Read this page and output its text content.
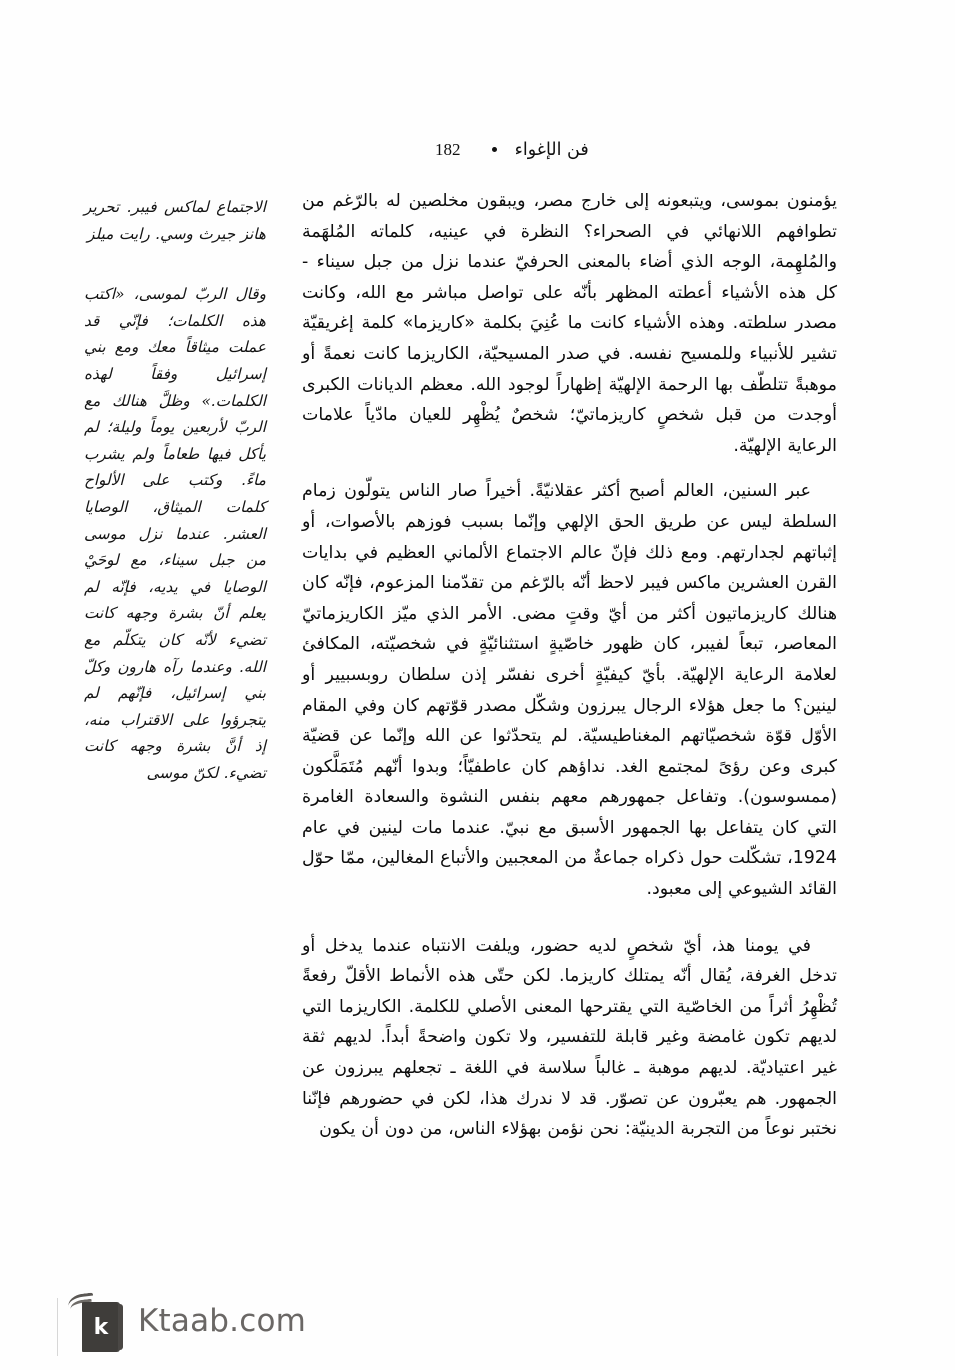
فن الإغواء  182

يؤمنون بموسى، ويتبعونه إلى خارج مصر، ويبقون مخلصين له بالرّغم من تطوافهم اللانهائي في الصحراء؟ النظرة في عينيه، كلماته المُلهَمة والمُلهِمة، الوجه الذي أضاء بالمعنى الحرفيّ عندما نزل من جبل سيناء - كل هذه الأشياء أعطته المظهر بأنّه على تواصل مباشر مع الله، وكانت مصدر سلطته. وهذه الأشياء كانت ما عُنِيَ بكلمة «كاريزما» كلمة إغريقيّة تشير للأنبياء وللمسيح نفسه. في صدر المسيحيّة، الكاريزما كانت نعمةً أو موهبةً تتلطّف بها الرحمة الإلهيّة إظهاراً لوجود الله. معظم الديانات الكبرى أوجدت من قبل شخصٍ كاريزماتيّ؛ شخصٌ يُظْهِر للعيان مادّياً علامات الرعاية الإلهيّة.

عبر السنين، العالم أصبح أكثر عقلانيّةً. أخيراً صار الناس يتولّون زمام السلطة ليس عن طريق الحق الإلهي وإنّما بسبب فوزهم بالأصوات، أو إثباتهم لجدارتهم. ومع ذلك فإنّ عالم الاجتماع الألماني العظيم في بدايات القرن العشرين ماكس فيبر لاحظ أنّه بالرّغم من تقدّمنا المزعوم، فإنّه كان هنالك كاريزماتيون أكثر من أيّ وقتٍ مضى. الأمر الذي ميّز الكاريزماتيّ المعاصر، تبعاً لفيبر، كان ظهور خاصّيةٍ استثنائيّةٍ في شخصيّته، المكافئ لعلامة الرعاية الإلهيّة. بأيّ كيفيّةٍ أخرى نفسّر إذن سلطان روبسبيير أو لينين؟ ما جعل هؤلاء الرجال يبرزون وشكّل مصدر قوّتهم كان وفي المقام الأوّل قوّة شخصيّاتهم المغناطيسيّة. لم يتحدّثوا عن الله وإنّما عن قضيّة كبرى وعن رؤىً لمجتمع الغد. نداؤهم كان عاطفيّاً؛ وبدوا أنّهم مُتَمَلَّكون (ممسوسون). وتفاعل جمهورهم معهم بنفس النشوة والسعادة الغامرة التي كان يتفاعل بها الجمهور الأسبق مع نبيّ. عندما مات لينين في عام 1924، تشكّلت حول ذكراه جماعةٌ من المعجبين والأتباع المغالين، ممّا حوّل القائد الشيوعي إلى معبود.

في يومنا هذ، أيّ شخصٍ لديه حضور، ويلفت الانتباه عندما يدخل أو تدخل الغرفة، يُقال أنّه يمتلك كاريزما. لكن حتّى هذه الأنماط الأقلّ رفعةً تُظْهِرُ أثراً من الخاصّية التي يقترحها المعنى الأصلي للكلمة. الكاريزما التي لديهم تكون غامضة وغير قابلة للتفسير، ولا تكون واضحةً أبداً. لديهم ثقة غير اعتياديّة. لديهم موهبة ـ غالباً سلاسة في اللغة ـ تجعلهم يبرزون عن الجمهور. هم يعبّرون عن تصوّر. قد لا ندرك هذا، لكن في حضورهم فإنّنا نختبر نوعاً من التجربة الدينيّة: نحن نؤمن بهؤلاء الناس، من دون أن يكون

الاجتماع لماكس فيبر. تحرير هانز جيرث وسي. رايت ميلز

وقال الربّ لموسى، «اكتب هذه الكلمات؛ فإنّي قد عملت ميثاقاً معك ومع بني إسرائيل وفقاً لهذه الكلمات.» وظلَّ هنالك مع الربّ لأربعين يوماً وليلة؛ لم يأكل فيها طعاماً ولم يشرب ماءً. وكتب على الألواح كلمات الميثاق، الوصايا العشر. عندما نزل موسى من جبل سيناء، مع لوحَيْ الوصايا في يديه، فإنّه لم يعلم أنّ بشرة وجهه كانت تضيء لأنّه كان يتكلّم مع الله. وعندما رآه هارون وكلّ بني إسرائيل، فإنّهم لم يتجرؤوا على الاقتراب منه، إذ أنَّ بشرة وجهه كانت تضيء. لكنّ موسى

k Ktaab.com
